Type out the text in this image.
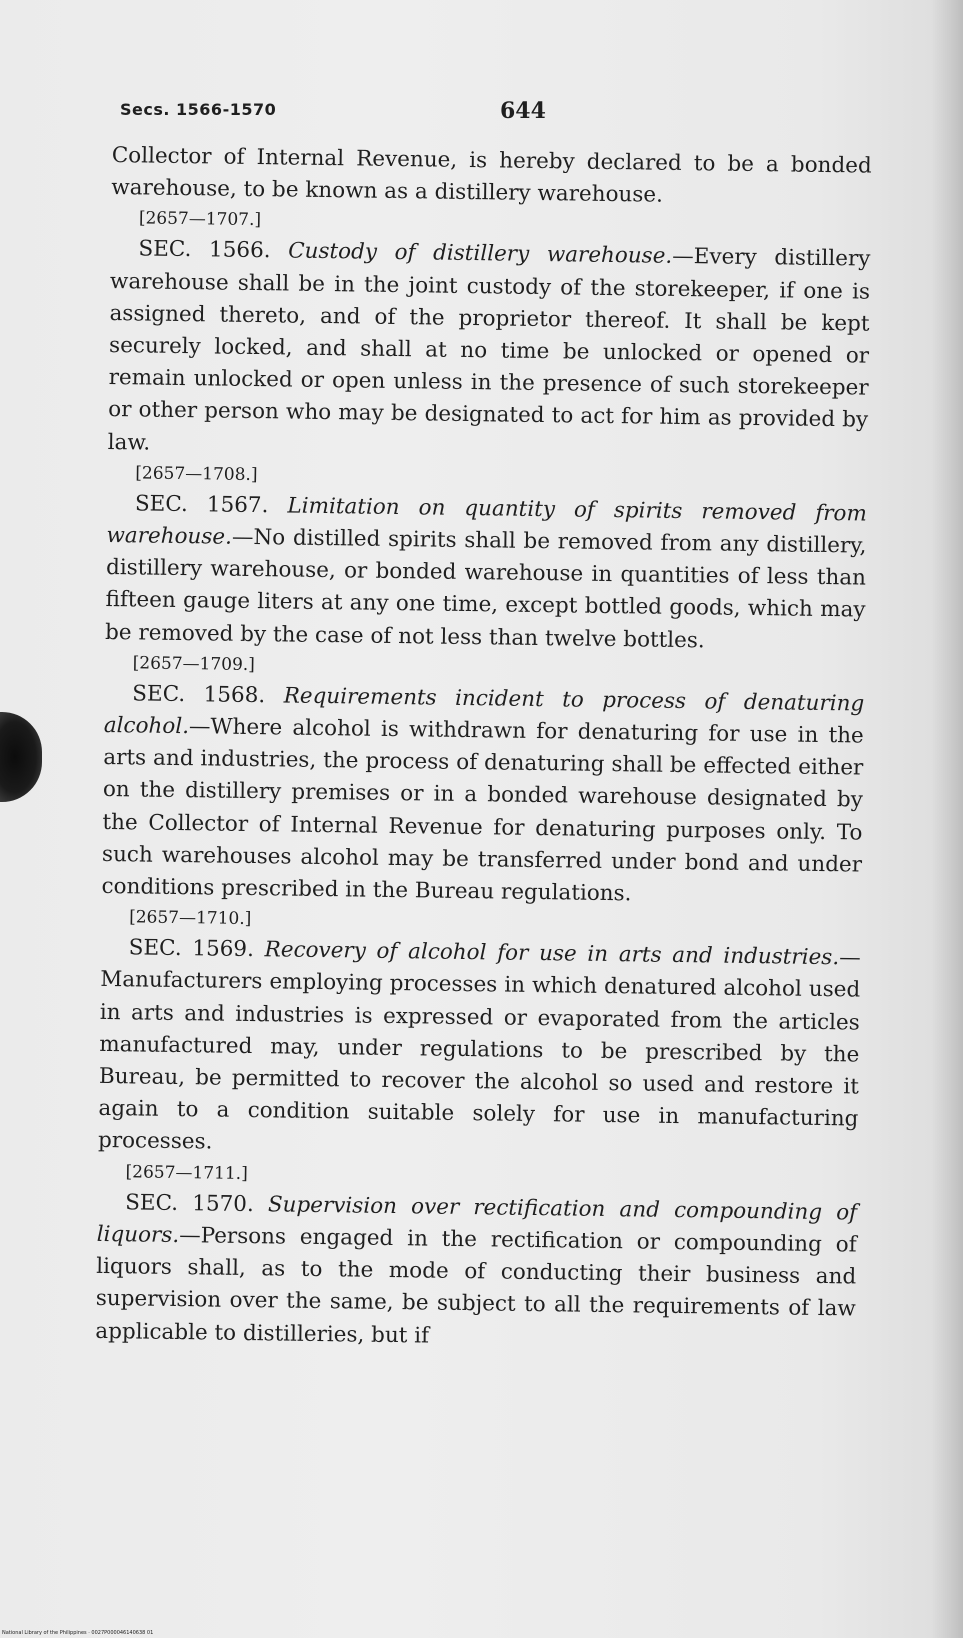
Secs. 1566-1570	644

Collector of Internal Revenue, is hereby declared to be a bonded warehouse, to be known as a distillery warehouse.

[2657—1707.]

SEC. 1566. Custody of distillery warehouse.—Every distillery warehouse shall be in the joint custody of the storekeeper, if one is assigned thereto, and of the proprietor thereof. It shall be kept securely locked, and shall at no time be unlocked or opened or remain unlocked or open unless in the presence of such storekeeper or other person who may be designated to act for him as provided by law.

[2657—1708.]

SEC. 1567. Limitation on quantity of spirits removed from warehouse.—No distilled spirits shall be removed from any distillery, distillery warehouse, or bonded warehouse in quantities of less than fifteen gauge liters at any one time, except bottled goods, which may be removed by the case of not less than twelve bottles.

[2657—1709.]

SEC. 1568. Requirements incident to process of denaturing alcohol.—Where alcohol is withdrawn for denaturing for use in the arts and industries, the process of denaturing shall be effected either on the distillery premises or in a bonded warehouse designated by the Collector of Internal Revenue for denaturing purposes only. To such warehouses alcohol may be transferred under bond and under conditions prescribed in the Bureau regulations.

[2657—1710.]

SEC. 1569. Recovery of alcohol for use in arts and industries.—Manufacturers employing processes in which denatured alcohol used in arts and industries is expressed or evaporated from the articles manufactured may, under regulations to be prescribed by the Bureau, be permitted to recover the alcohol so used and restore it again to a condition suitable solely for use in manufacturing processes.

[2657—1711.]

SEC. 1570. Supervision over rectification and compounding of liquors.—Persons engaged in the rectification or compounding of liquors shall, as to the mode of conducting their business and supervision over the same, be subject to all the requirements of law applicable to distilleries, but if

National Library of the Philippines · 0027P000046140638 01
